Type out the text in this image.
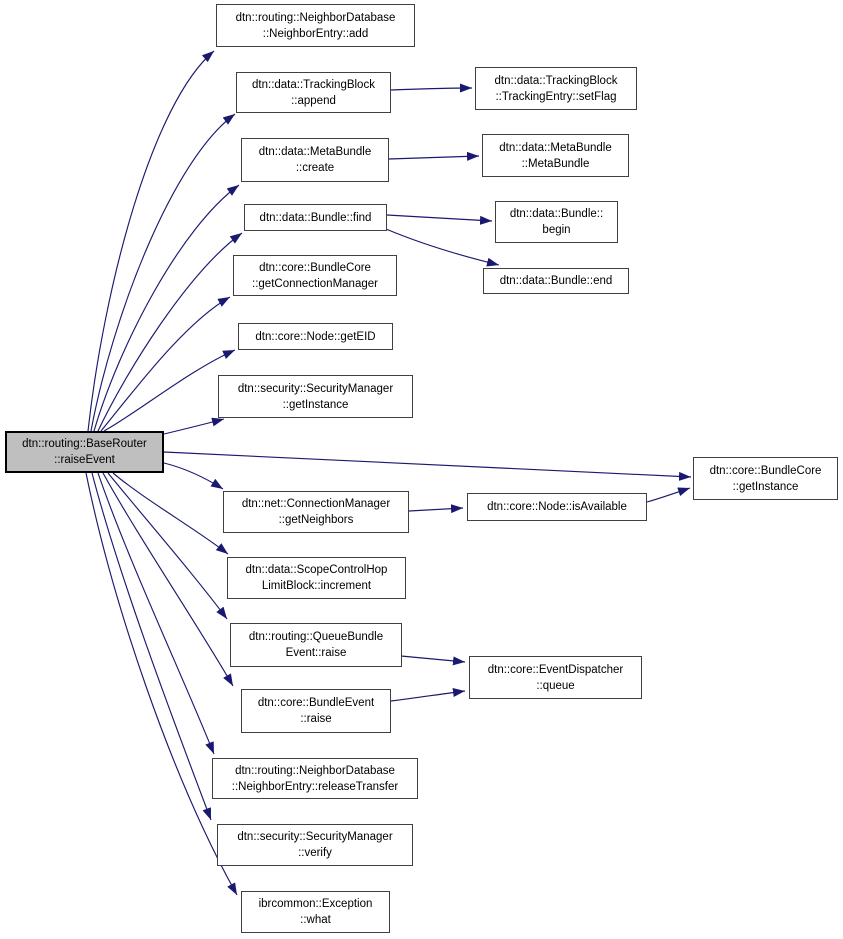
dtn::routing::BaseRouter
::raiseEvent
dtn::routing::NeighborDatabase
::NeighborEntry::add
dtn::data::TrackingBlock
::append
dtn::data::MetaBundle
::create
dtn::data::Bundle::find
dtn::core::BundleCore
::getConnectionManager
dtn::core::Node::getEID
dtn::security::SecurityManager
::getInstance
dtn::net::ConnectionManager
::getNeighbors
dtn::data::ScopeControlHop
LimitBlock::increment
dtn::routing::QueueBundle
Event::raise
dtn::core::BundleEvent
::raise
dtn::routing::NeighborDatabase
::NeighborEntry::releaseTransfer
dtn::security::SecurityManager
::verify
ibrcommon::Exception
::what
dtn::data::TrackingBlock
::TrackingEntry::setFlag
dtn::data::MetaBundle
::MetaBundle
dtn::data::Bundle::
begin
dtn::data::Bundle::end
dtn::core::Node::isAvailable
dtn::core::EventDispatcher
::queue
dtn::core::BundleCore
::getInstance
